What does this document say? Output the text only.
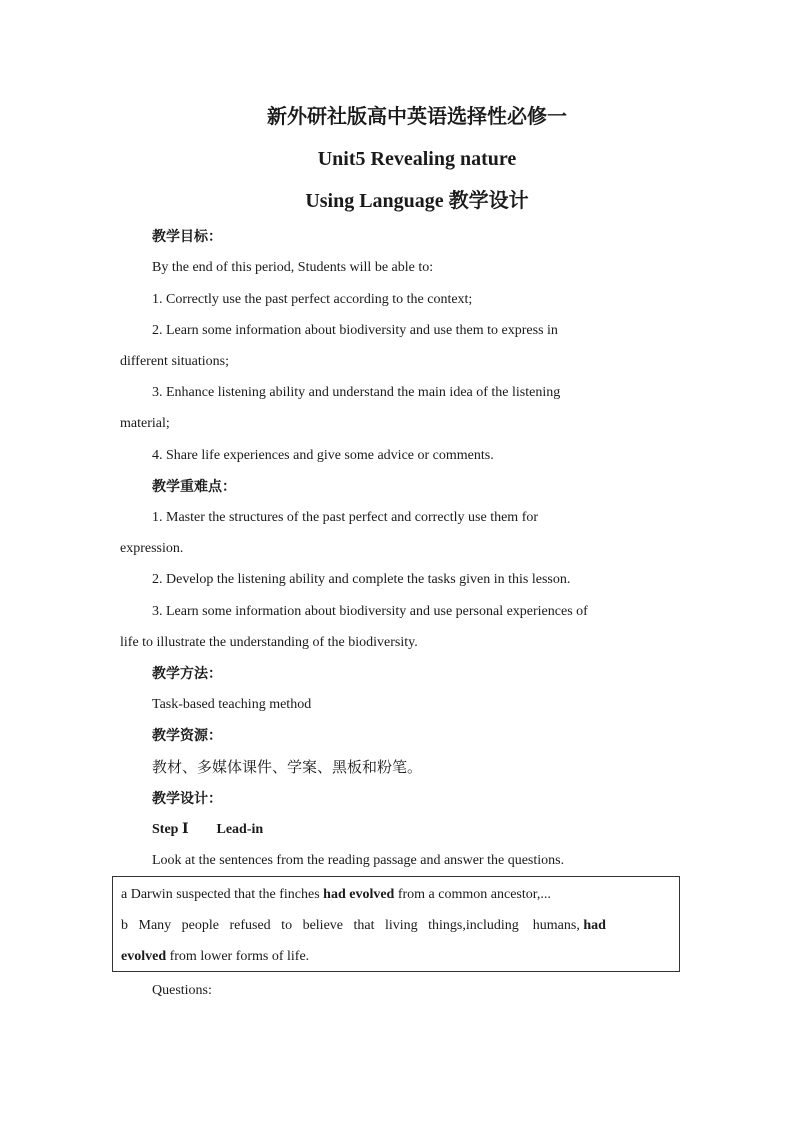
新外研社版高中英语选择性必修一

Unit5 Revealing nature

Using Language 教学设计

教学目标：

By the end of this period, Students will be able to:

1. Correctly use the past perfect according to the context;

2. Learn some information about biodiversity and use them to express in

different situations;

3. Enhance listening ability and understand the main idea of the listening

material;

4. Share life experiences and give some advice or comments.

教学重难点：

1. Master the structures of the past perfect and correctly use them for

expression.

2. Develop the listening ability and complete the tasks given in this lesson.

3. Learn some information about biodiversity and use personal experiences of

life to illustrate the understanding of the biodiversity.

教学方法：

Task-based teaching method

教学资源：

教材、多媒体课件、学案、黑板和粉笔。

教学设计：

Step Ⅰ Lead-in

Look at the sentences from the reading passage and answer the questions.

a Darwin suspected that the finches had evolved from a common ancestor,...

b   Many   people   refused   to   believe   that   living   things,including    humans, had

evolved from lower forms of life.

Questions:
